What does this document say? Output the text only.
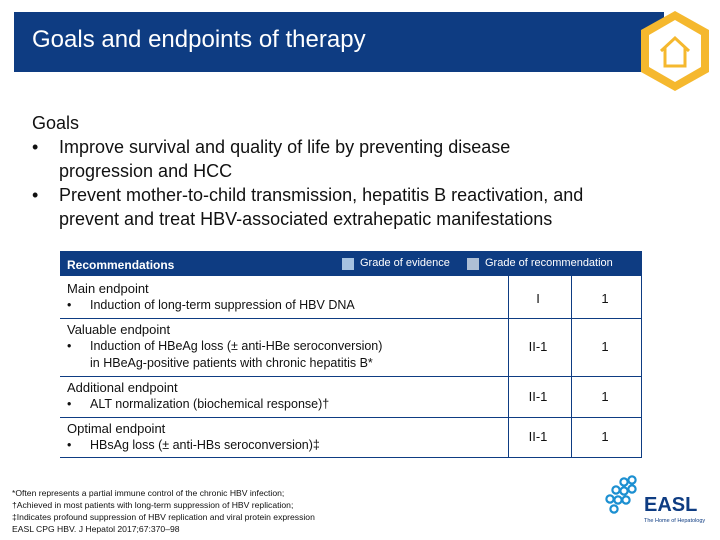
Goals and endpoints of therapy
Goals
• Improve survival and quality of life by preventing disease
progression and HCC
• Prevent mother-to-child transmission, hepatitis B reactivation, and
prevent and treat HBV-associated extrahepatic manifestations
Recommendations	Grade of evidence	Grade of recommendation
Main endpoint
• Induction of long-term suppression of HBV DNA	I	1
Valuable endpoint
• Induction of HBeAg loss (± anti-HBe seroconversion)
in HBeAg-positive patients with chronic hepatitis B*
II-1	1
Additional endpoint
• ALT normalization (biochemical response)†	II-1	1
Optimal endpoint
• HBsAg loss (± anti-HBs seroconversion)‡
II-1	1
*Often represents a partial immune control of the chronic HBV infection;
†Achieved in most patients with long-term suppression of HBV replication;
‡Indicates profound suppression of HBV replication and viral protein expression
EASL CPG HBV. J Hepatol 2017;67:370–98
EASL
The Home of Hepatology
